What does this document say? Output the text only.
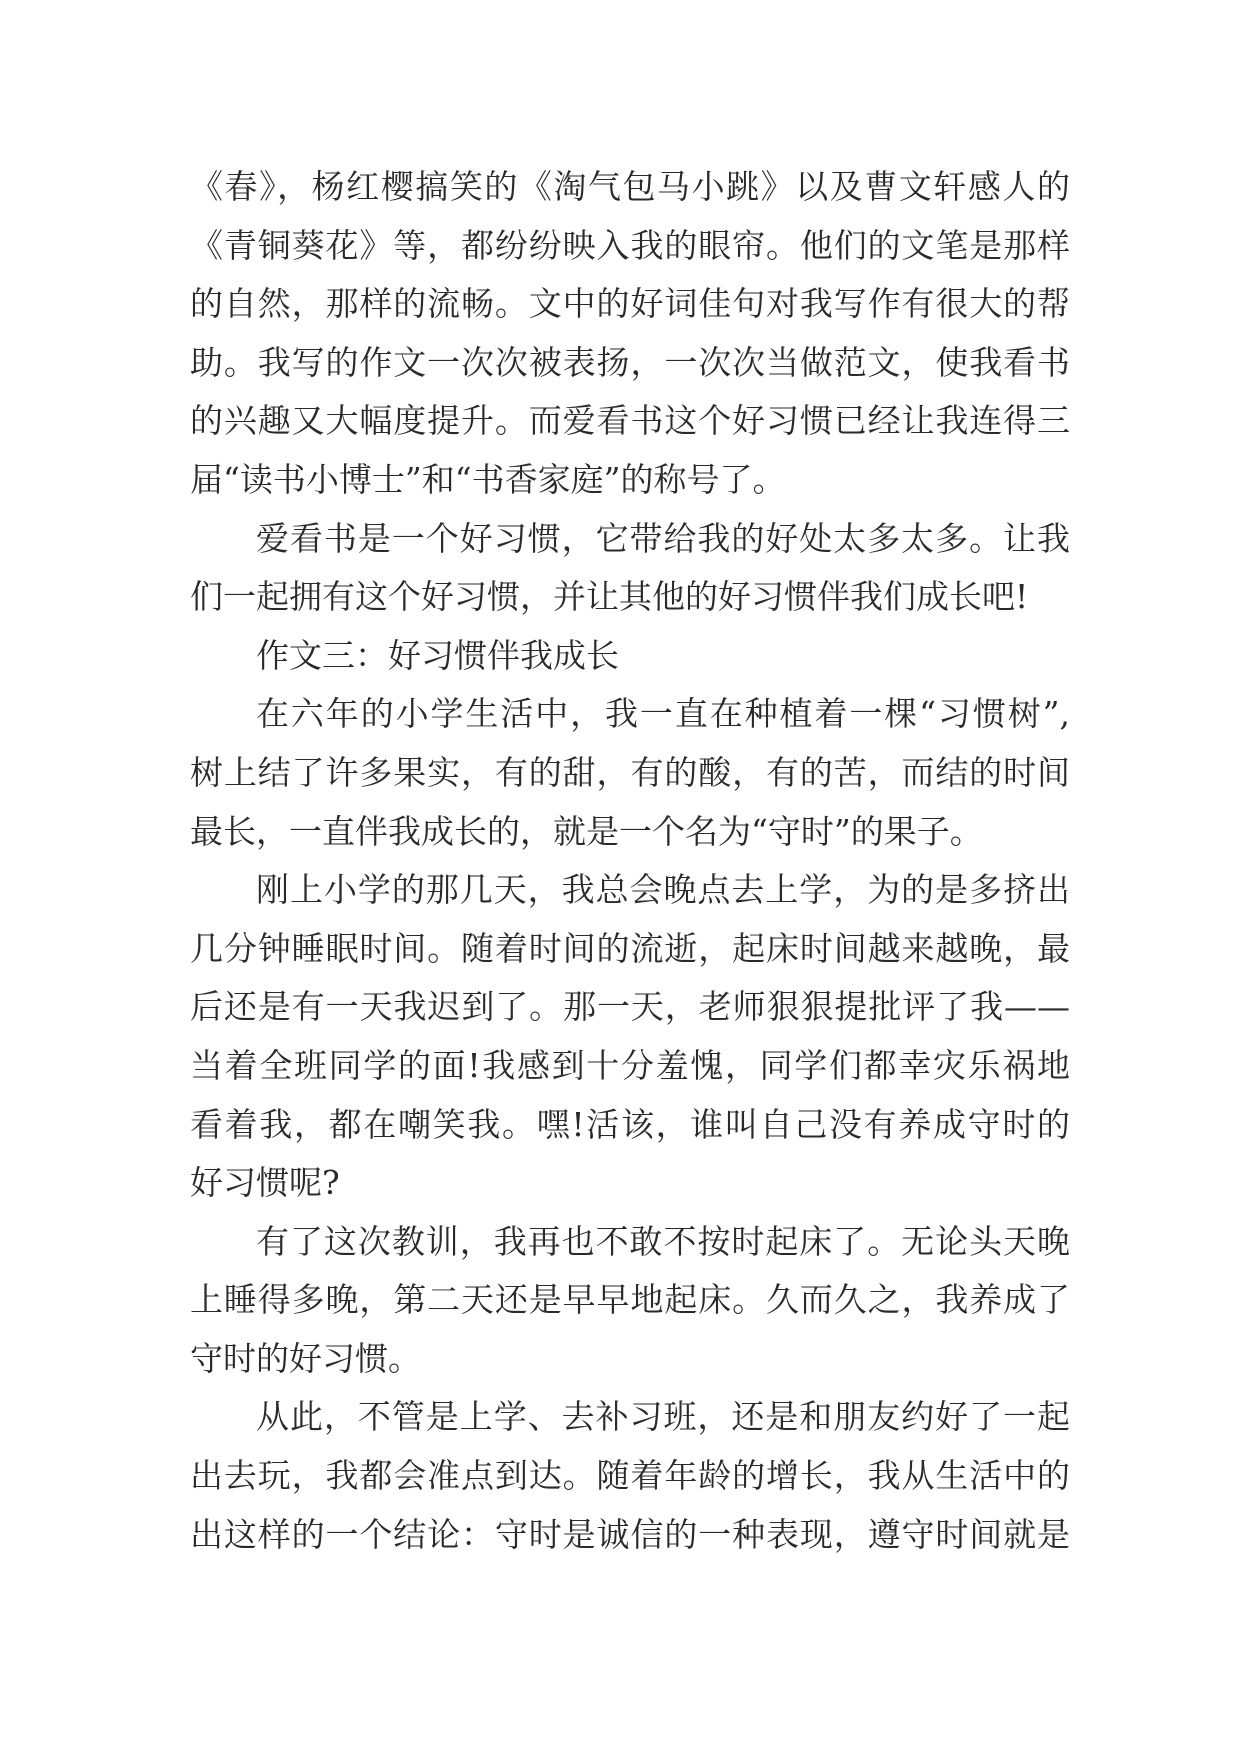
《春》，杨红樱搞笑的《淘气包马小跳》以及曹文轩感人的
《青铜葵花》等，都纷纷映入我的眼帘。他们的文笔是那样
的自然，那样的流畅。文中的好词佳句对我写作有很大的帮
助。我写的作文一次次被表扬，一次次当做范文，使我看书
的兴趣又大幅度提升。而爱看书这个好习惯已经让我连得三
届“读书小博士”和“书香家庭”的称号了。
爱看书是一个好习惯，它带给我的好处太多太多。让我
们一起拥有这个好习惯，并让其他的好习惯伴我们成长吧!
作文三：好习惯伴我成长
在六年的小学生活中，我一直在种植着一棵“习惯树”,
树上结了许多果实，有的甜，有的酸，有的苦，而结的时间
最长，一直伴我成长的，就是一个名为“守时”的果子。
刚上小学的那几天，我总会晚点去上学，为的是多挤出
几分钟睡眠时间。随着时间的流逝，起床时间越来越晚，最
后还是有一天我迟到了。那一天，老师狠狠提批评了我——
当着全班同学的面!我感到十分羞愧，同学们都幸灾乐祸地
看着我，都在嘲笑我。嘿!活该，谁叫自己没有养成守时的
好习惯呢?
有了这次教训，我再也不敢不按时起床了。无论头天晚
上睡得多晚，第二天还是早早地起床。久而久之，我养成了
守时的好习惯。
从此，不管是上学、去补习班，还是和朋友约好了一起
出去玩，我都会准点到达。随着年龄的增长，我从生活中的
出这样的一个结论：守时是诚信的一种表现，遵守时间就是
